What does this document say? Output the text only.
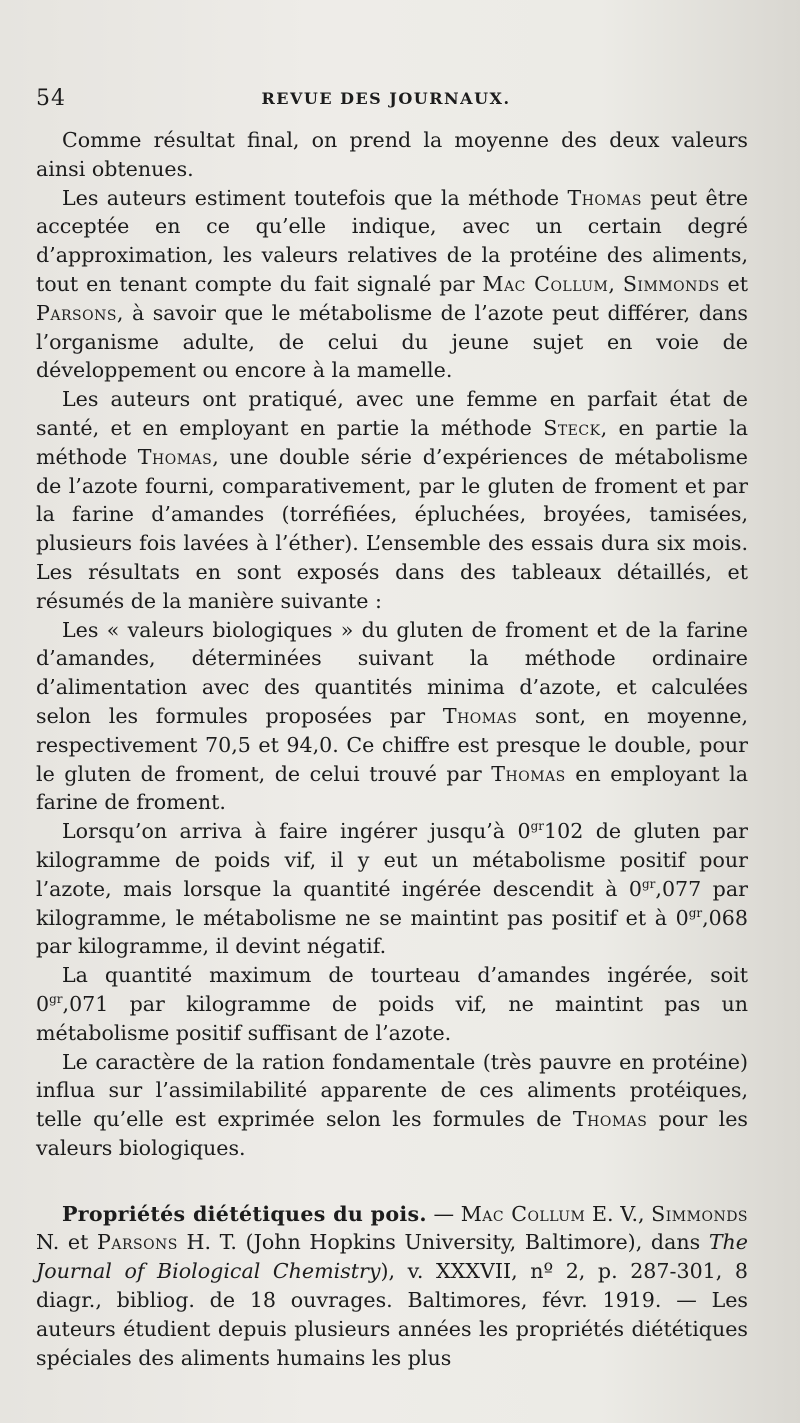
54	REVUE DES JOURNAUX.

Comme résultat final, on prend la moyenne des deux valeurs ainsi obtenues.

Les auteurs estiment toutefois que la méthode Thomas peut être acceptée en ce qu’elle indique, avec un certain degré d’approximation, les valeurs relatives de la protéine des aliments, tout en tenant compte du fait signalé par Mac Collum, Simmonds et Parsons, à savoir que le métabolisme de l’azote peut différer, dans l’organisme adulte, de celui du jeune sujet en voie de développement ou encore à la mamelle.

Les auteurs ont pratiqué, avec une femme en parfait état de santé, et en employant en partie la méthode Steck, en partie la méthode Thomas, une double série d’expériences de métabolisme de l’azote fourni, comparativement, par le gluten de froment et par la farine d’amandes (torréfiées, épluchées, broyées, tamisées, plusieurs fois lavées à l’éther). L’ensemble des essais dura six mois. Les résultats en sont exposés dans des tableaux détaillés, et résumés de la manière suivante :

Les « valeurs biologiques » du gluten de froment et de la farine d’amandes, déterminées suivant la méthode ordinaire d’alimentation avec des quantités minima d’azote, et calculées selon les formules proposées par Thomas sont, en moyenne, respectivement 70,5 et 94,0. Ce chiffre est presque le double, pour le gluten de froment, de celui trouvé par Thomas en employant la farine de froment.

Lorsqu’on arriva à faire ingérer jusqu’à $0^{gr}102$ de gluten par kilogramme de poids vif, il y eut un métabolisme positif pour l’azote, mais lorsque la quantité ingérée descendit à $0^{gr},077$ par kilogramme, le métabolisme ne se maintint pas positif et à $0^{gr},068$ par kilogramme, il devint négatif.

La quantité maximum de tourteau d’amandes ingérée, soit $0^{gr},071$ par kilogramme de poids vif, ne maintint pas un métabolisme positif suffisant de l’azote.

Le caractère de la ration fondamentale (très pauvre en protéine) influa sur l’assimilabilité apparente de ces aliments protéiques, telle qu’elle est exprimée selon les formules de Thomas pour les valeurs biologiques.

Propriétés diététiques du pois. — Mac Collum E. V., Simmonds N. et Parsons H. T. (John Hopkins University, Baltimore), dans The Journal of Biological Chemistry), v. XXXVII, nº 2, p. 287-301, 8 diagr., bibliog. de 18 ouvrages. Baltimores, févr. 1919. — Les auteurs étudient depuis plusieurs années les propriétés diététiques spéciales des aliments humains les plus
